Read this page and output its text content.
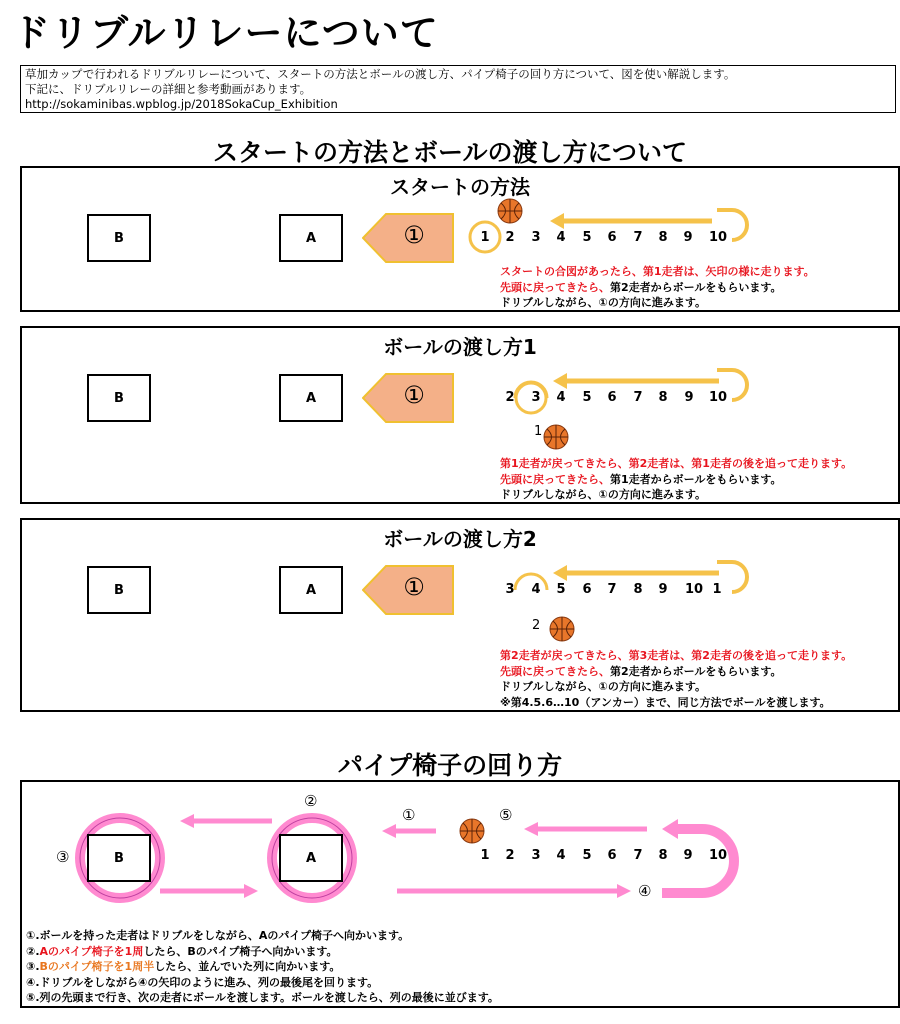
ドリブルリレーについて
草加カップで行われるドリブルリレーについて、スタートの方法とボールの渡し方、パイプ椅子の回り方について、図を使い解説します。
下記に、ドリブルリレーの詳細と参考動画があります。
http://sokaminibas.wpblog.jp/2018SokaCup_Exhibition
スタートの方法とボールの渡し方について
スタートの方法
B	A	①	1 2 3 4 5 6 7 8 9 10
スタートの合図があったら、第1走者は、矢印の様に走ります。
先頭に戻ってきたら、第2走者からボールをもらいます。
ドリブルしながら、①の方向に進みます。
ボールの渡し方1
B	A	①	2 3 4 5 6 7 8 9 10
1
第1走者が戻ってきたら、第2走者は、第1走者の後を追って走ります。
先頭に戻ってきたら、第1走者からボールをもらいます。
ドリブルしながら、①の方向に進みます。
ボールの渡し方2
B	A	①	3 4 5 6 7 8 9 10 1
2
第2走者が戻ってきたら、第3走者は、第2走者の後を追って走ります。
先頭に戻ってきたら、第2走者からボールをもらいます。
ドリブルしながら、①の方向に進みます。
※第4.5.6…10（アンカー）まで、同じ方法でボールを渡します。
パイプ椅子の回り方
B	A
②
③
①	⑤
④
1 2 3 4 5 6 7 8 9 10
①.ボールを持った走者はドリブルをしながら、Aのパイプ椅子へ向かいます。
②.Aのパイプ椅子を1周したら、Bのパイプ椅子へ向かいます。
③.Bのパイプ椅子を1周半したら、並んでいた列に向かいます。
④.ドリブルをしながら④の矢印のように進み、列の最後尾を回ります。
⑤.列の先頭まで行き、次の走者にボールを渡します。ボールを渡したら、列の最後に並びます。
